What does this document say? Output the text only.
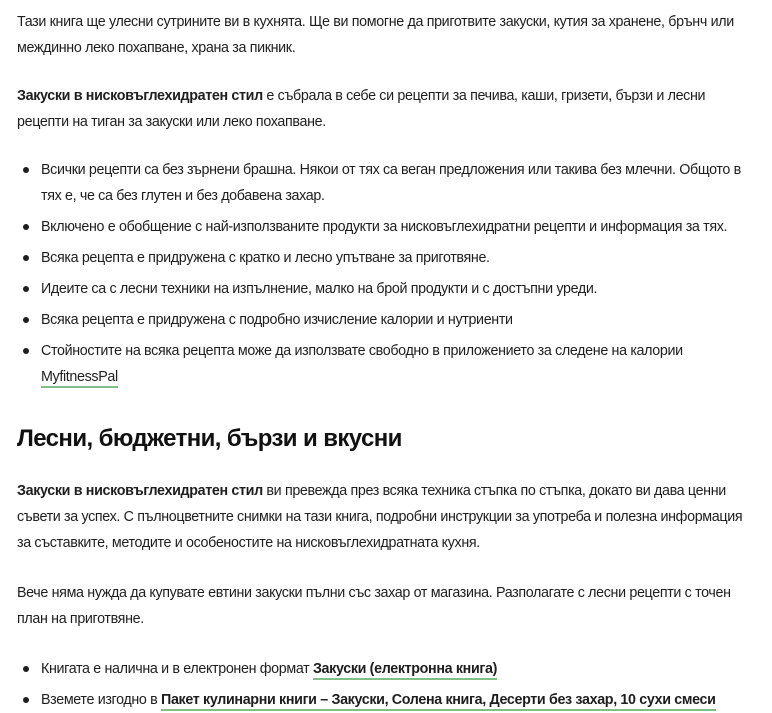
Тази книга ще улесни сутрините ви в кухнята. Ще ви помогне да приготвите закуски, кутия за хранене, брънч или междинно леко похапване, храна за пикник.

Закуски в нисковъглехидратен стил е събрала в себе си рецепти за печива, каши, гризети, бързи и лесни рецепти на тиган за закуски или леко похапване.

Всички рецепти са без зърнени брашна. Някои от тях са веган предложения или такива без млечни. Общото в тях е, че са без глутен и без добавена захар.
Включено е обобщение с най-използваните продукти за нисковъглехидратни рецепти и информация за тях.
Всяка рецепта е придружена с кратко и лесно упътване за приготвяне.
Идеите са с лесни техники на изпълнение, малко на брой продукти и с достъпни уреди.
Всяка рецепта е придружена с подробно изчисление калории и нутриенти
Стойностите на всяка рецепта може да използвате свободно в приложението за следене на калории MyfitnessPal
Лесни, бюджетни, бързи и вкусни

Закуски в нисковъглехидратен стил ви превежда през всяка техника стъпка по стъпка, докато ви дава ценни съвети за успех. С пълноцветните снимки на тази книга, подробни инструкции за употреба и полезна информация за съставките, методите и особеностите на нисковъглехидратната кухня.

Вече няма нужда да купувате евтини закуски пълни със захар от магазина. Разполагате с лесни рецепти с точен план на приготвяне.

Книгата е налична и в електронен формат Закуски (електронна книга)
Вземете изгодно в Пакет кулинарни книги – Закуски, Солена книга, Десерти без захар, 10 сухи смеси
